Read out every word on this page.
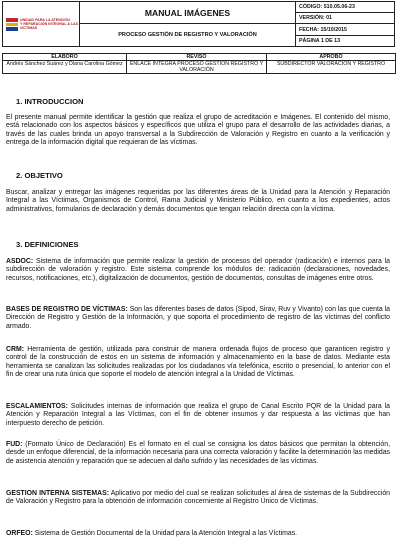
UNIDAD PARA LA ATENCIÓN
Y REPARACIÓN INTEGRAL A LAS VÍCTIMAS	MANUAL IMÁGENES	CÓDIGO: 510.05.06-23
		VERSIÓN: 01
	PROCESO GESTIÓN DE REGISTRO Y VALORACIÓN	FECHA: 15/10/2015
		PÁGINA 1 DE 13
ELABORÓ	REVISÓ	APROBÓ
Andrés Sánchez Suárez y Diana Carolina Gómez	ENLACE INTEGRA PROCESO GESTIÓN REGISTRO Y VALORACIÓN	SUBDIRECTOR VALORACIÓN Y REGISTRO
1. INTRODUCCION
El presente manual permite identificar la gestión que realiza el grupo de acreditación e Imágenes. El contenido del mismo, está relacionado con los aspectos básicos y específicos que utiliza el grupo para el desarrollo de las actividades diarias, a través de las cuales brinda un apoyo transversal a la Subdirección de Valoración y Registro en cuanto a la verificación y entrega de la información digital que requieran de las víctimas.
2. OBJETIVO
Buscar, analizar y entregar las imágenes requeridas por las diferentes áreas de la Unidad para la Atención y Reparación Integral a las Víctimas, Organismos de Control, Rama Judicial y Ministerio Público, en cuanto a los expedientes, actos administrativos, formularios de declaración y demás documentos que tengan relación directa con la víctima.
3. DEFINICIONES
ASDOC: Sistema de información que permite realizar la gestión de procesos del operador (radicación) e internos para la subdirección de valoración y registro. Este sistema comprende los módulos de: radicación (declaraciones, novedades, recursos, notificaciones, etc.), digitalización de documentos, gestión de documentos, consultas de imágenes entre otros.
BASES DE REGISTRO DE VÍCTIMAS: Son las diferentes bases de datos (Sipod, Sirav, Ruv y Vivanto) con las que cuenta la Dirección de Registro y Gestión de la Información, y que soporta el procedimiento de registro de las víctimas del conflicto armado.
CRM: Herramienta de gestión, utilizada para construir de manera ordenada flujos de proceso que garanticen registro y control de la construcción de estos en un sistema de información y almacenamiento en la base de datos. Mediante esta herramienta se canalizan las solicitudes realizadas por los ciudadanos vía telefónica, escrito o presencial, lo anterior con el fin de crear una ruta única que soporte el modelo de atención integral a la Unidad de Víctimas.
ESCALAMIENTOS: Solicitudes internas de información que realiza el grupo de Canal Escrito PQR de la Unidad para la Atención y Reparación Integral a las Víctimas, con el fin de obtener insumos y dar respuesta a las víctimas que han interpuesto derecho de petición.
FUD: (Formato Único de Declaración) Es el formato en el cual se consigna los datos básicos que permitan la obtención, desde un enfoque diferencial, de la información necesaria para una correcta valoración y facilite la determinación las medidas de asistencia atención y reparación que se adecuen al daño sufrido y las necesidades de las víctimas.
GESTION INTERNA SISTEMAS: Aplicativo por medio del cual se realizan solicitudes al área de sistemas de la Subdirección de Valoración y Registro para la obtención de información concerniente al Registro Único de Víctimas.
ORFEO: Sistema de Gestión Documental de la Unidad para la Atención Integral a las Víctimas.
